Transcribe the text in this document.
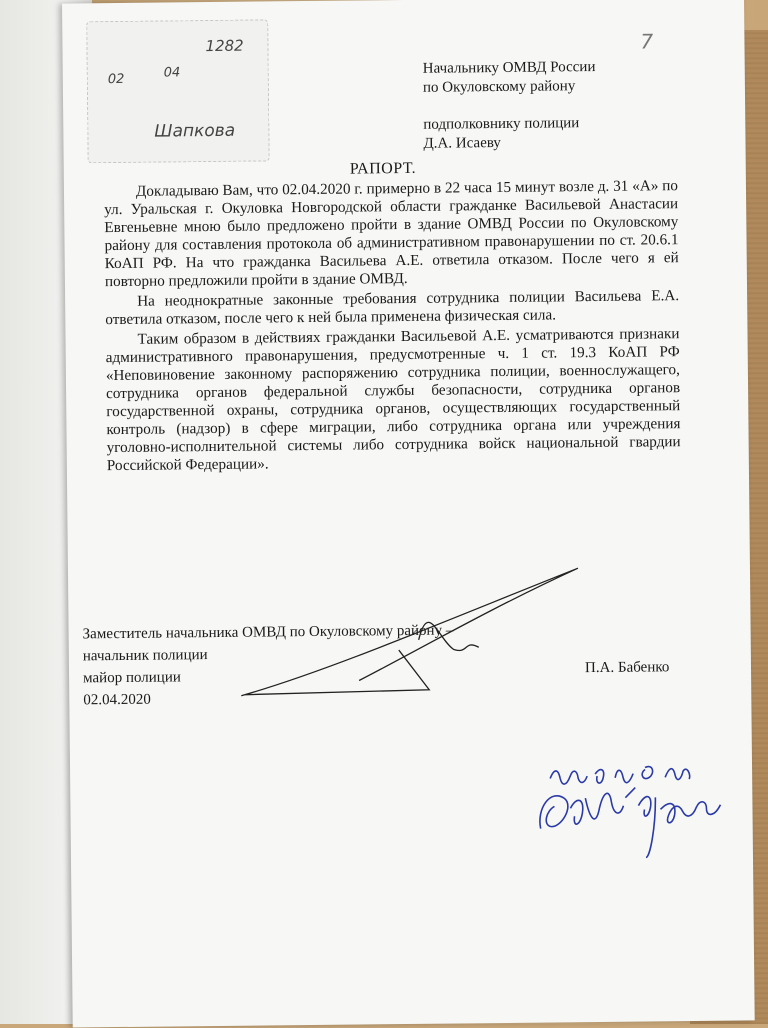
1282
02	04
Шапкова
7
Начальнику ОМВД России
по Окуловскому району
подполковнику полиции
Д.А. Исаеву
РАПОРТ.

Докладываю Вам, что 02.04.2020 г. примерно в 22 часа 15 минут возле д. 31 «А» по ул. Уральская г. Окуловка Новгородской области гражданке Васильевой Анастасии Евгеньевне мною было предложено пройти в здание ОМВД России по Окуловскому району для составления протокола об административном правонарушении по ст. 20.6.1 КоАП РФ. На что гражданка Васильева А.Е. ответила отказом. После чего я ей повторно предложили пройти в здание ОМВД.

На неоднократные законные требования сотрудника полиции Васильева Е.А. ответила отказом, после чего к ней была применена физическая сила.

Таким образом в действиях гражданки Васильевой А.Е. усматриваются признаки административного правонарушения, предусмотренные ч. 1 ст. 19.3 КоАП РФ «Неповиновение законному распоряжению сотрудника полиции, военнослужащего, сотрудника органов федеральной службы безопасности, сотрудника органов государственной охраны, сотрудника органов, осуществляющих государственный контроль (надзор) в сфере миграции, либо сотрудника органа или учреждения уголовно-исполнительной системы либо сотрудника войск национальной гвардии Российской Федерации».

Заместитель начальника ОМВД по Окуловскому району –
начальник полиции
майор полиции
02.04.2020
П.А. Бабенко
